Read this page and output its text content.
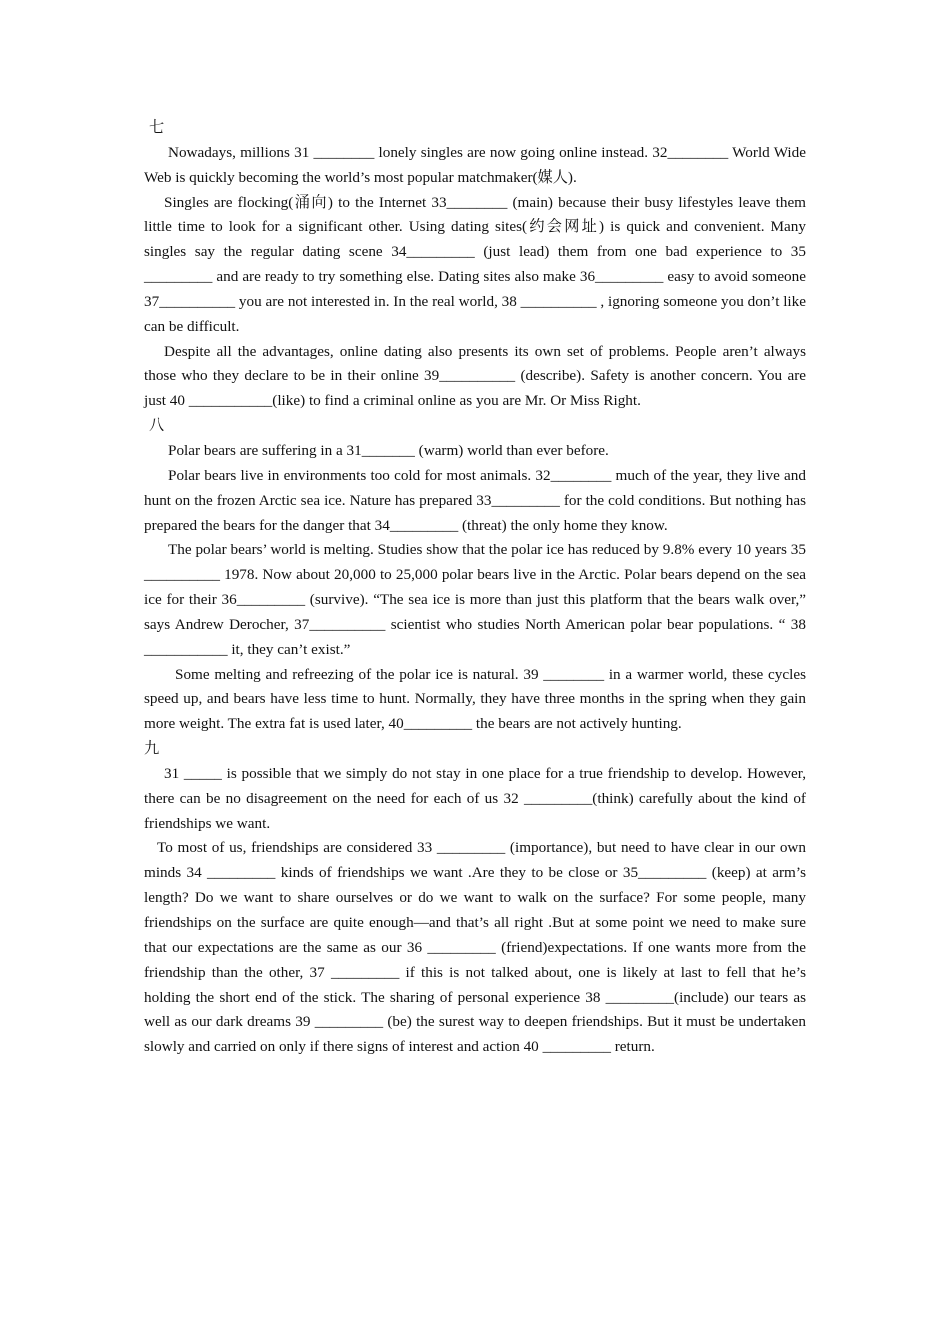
七

Nowadays, millions 31 ________ lonely singles are now going online instead. 32________ World Wide Web is quickly becoming the world’s most popular matchmaker(媒人).

Singles are flocking(涌向) to the Internet 33________ (main) because their busy lifestyles leave them little time to look for a significant other. Using dating sites(约会网址) is quick and convenient. Many singles say the regular dating scene 34_________ (just lead) them from one bad experience to 35 _________ and are ready to try something else. Dating sites also make 36_________ easy to avoid someone 37__________ you are not interested in. In the real world, 38 __________ , ignoring someone you don’t like can be difficult.

Despite all the advantages, online dating also presents its own set of problems. People aren’t always those who they declare to be in their online 39__________ (describe). Safety is another concern. You are just 40 ___________(like) to find a criminal online as you are Mr. Or Miss Right.

八

Polar bears are suffering in a 31_______ (warm) world than ever before.

Polar bears live in environments too cold for most animals. 32________ much of the year, they live and hunt on the frozen Arctic sea ice. Nature has prepared 33_________ for the cold conditions. But nothing has prepared the bears for the danger that 34_________ (threat) the only home they know.

The polar bears’ world is melting. Studies show that the polar ice has reduced by 9.8% every 10 years 35 __________ 1978. Now about 20,000 to 25,000 polar bears live in the Arctic. Polar bears depend on the sea ice for their 36_________ (survive). “The sea ice is more than just this platform that the bears walk over,” says Andrew Derocher, 37__________ scientist who studies North American polar bear populations. “ 38 ___________ it, they can’t exist.”

Some melting and refreezing of the polar ice is natural. 39 ________ in a warmer world, these cycles speed up, and bears have less time to hunt. Normally, they have three months in the spring when they gain more weight. The extra fat is used later, 40_________ the bears are not actively hunting.

九

31 _____ is possible that we simply do not stay in one place for a true friendship to develop. However, there can be no disagreement on the need for each of us 32 _________(think) carefully about the kind of friendships we want.

To most of us, friendships are considered 33 _________ (importance), but need to have clear in our own minds 34 _________ kinds of friendships we want .Are they to be close or 35_________ (keep) at arm’s length? Do we want to share ourselves or do we want to walk on the surface? For some people, many friendships on the surface are quite enough—and that’s all right .But at some point we need to make sure that our expectations are the same as our 36 _________ (friend)expectations. If one wants more from the friendship than the other, 37 _________ if this is not talked about, one is likely at last to fell that he’s holding the short end of the stick. The sharing of personal experience 38 _________(include) our tears as well as our dark dreams 39 _________ (be) the surest way to deepen friendships. But it must be undertaken slowly and carried on only if there signs of interest and action 40 _________ return.
